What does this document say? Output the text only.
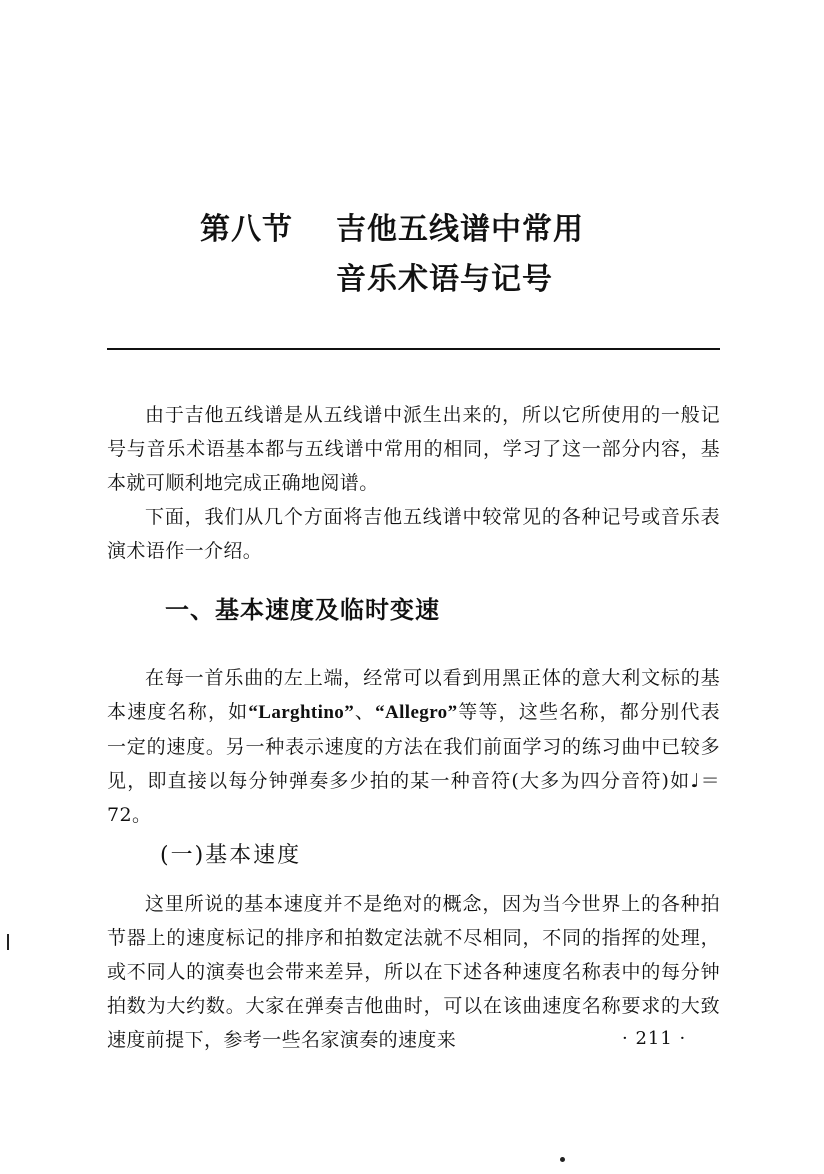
第八节 吉他五线谱中常用
音乐术语与记号

由于吉他五线谱是从五线谱中派生出来的，所以它所使用的一般记号与音乐术语基本都与五线谱中常用的相同，学习了这一部分内容，基本就可顺利地完成正确地阅谱。

下面，我们从几个方面将吉他五线谱中较常见的各种记号或音乐表演术语作一介绍。

一、基本速度及临时变速

在每一首乐曲的左上端，经常可以看到用黑正体的意大利文标的基本速度名称，如“Larghtino”、“Allegro”等等，这些名称，都分别代表一定的速度。另一种表示速度的方法在我们前面学习的练习曲中已较多见，即直接以每分钟弹奏多少拍的某一种音符(大多为四分音符)如♩＝72。

(一)基本速度

这里所说的基本速度并不是绝对的概念，因为当今世界上的各种拍节器上的速度标记的排序和拍数定法就不尽相同，不同的指挥的处理，或不同人的演奏也会带来差异，所以在下述各种速度名称表中的每分钟拍数为大约数。大家在弹奏吉他曲时，可以在该曲速度名称要求的大致速度前提下，参考一些名家演奏的速度来	· 211 ·
